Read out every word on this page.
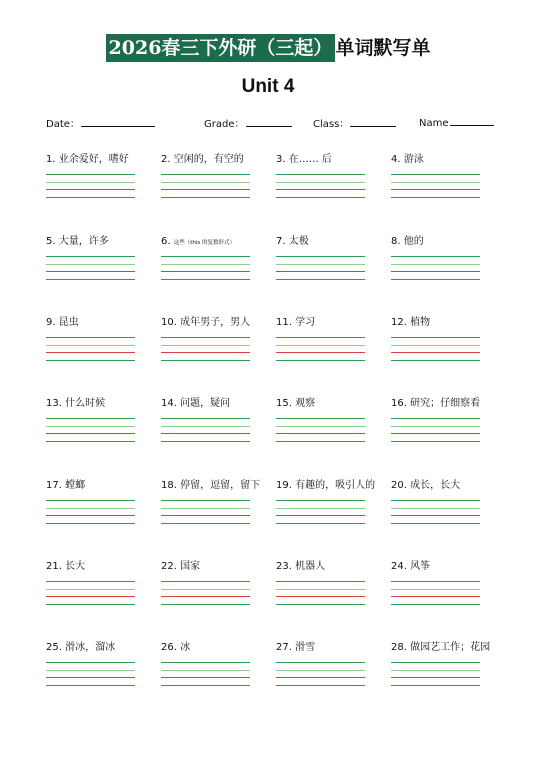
2026春三下外研（三起） 单词默写单
Unit 4
Date：	Grade：	Class：	Name
1. 业余爱好，嗜好	2. 空闲的，有空的	3. 在…… 后	4. 游泳
5. 大量，许多	6. 这些（this 的复数形式）	7. 太极	8. 他的
9. 昆虫	10. 成年男子，男人	11. 学习	12. 植物
13. 什么时候	14. 问题，疑问	15. 观察	16. 研究；仔细察看
17. 螳螂	18. 停留，逗留，留下 19. 有趣的，吸引人的 20. 成长，长大
21. 长大	22. 国家	23. 机器人	24. 风筝
25. 滑冰，溜冰	26. 冰	27. 滑雪	28. 做园艺工作；花园
